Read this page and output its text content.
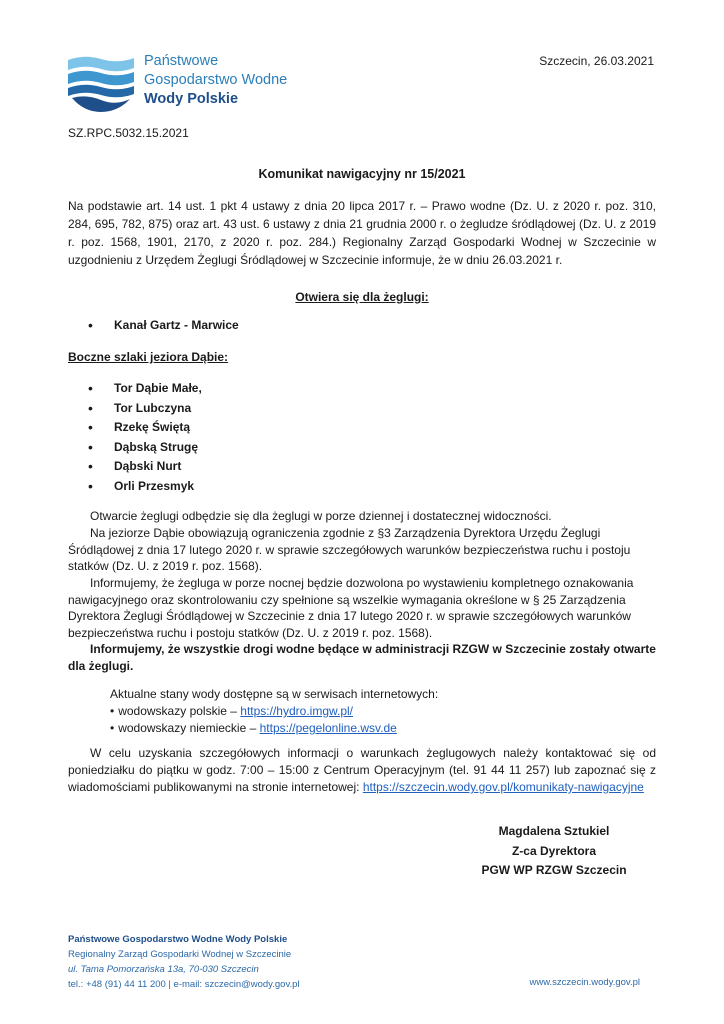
Państwowe
Gospodarstwo Wodne
Wody Polskie
Szczecin, 26.03.2021
SZ.RPC.5032.15.2021
Komunikat nawigacyjny nr 15/2021
Na podstawie art. 14 ust. 1 pkt 4 ustawy z dnia 20 lipca 2017 r. – Prawo wodne (Dz. U. z 2020 r. poz. 310, 284, 695, 782, 875) oraz art. 43 ust. 6 ustawy z dnia 21 grudnia 2000 r. o żegludze śródlądowej (Dz. U. z 2019 r. poz. 1568, 1901, 2170, z 2020 r. poz. 284.) Regionalny Zarząd Gospodarki Wodnej w Szczecinie w uzgodnieniu z Urzędem Żeglugi Śródlądowej w Szczecinie informuje, że w dniu 26.03.2021 r.
Otwiera się dla żeglugi:
• Kanał Gartz - Marwice
Boczne szlaki jeziora Dąbie:
• Tor Dąbie Małe,
• Tor Lubczyna
• Rzekę Świętą
• Dąbską Strugę
• Dąbski Nurt
• Orli Przesmyk
Otwarcie żeglugi odbędzie się dla żeglugi w porze dziennej i dostatecznej widoczności.
Na jeziorze Dąbie obowiązują ograniczenia zgodnie z §3 Zarządzenia Dyrektora Urzędu Żeglugi Śródlądowej z dnia 17 lutego 2020 r. w sprawie szczegółowych warunków bezpieczeństwa ruchu i postoju statków (Dz. U. z 2019 r. poz. 1568).
Informujemy, że żegluga w porze nocnej będzie dozwolona po wystawieniu kompletnego oznakowania nawigacyjnego oraz skontrolowaniu czy spełnione są wszelkie wymagania określone w § 25 Zarządzenia Dyrektora Żeglugi Śródlądowej w Szczecinie z dnia 17 lutego 2020 r. w sprawie szczegółowych warunków bezpieczeństwa ruchu i postoju statków (Dz. U. z 2019 r. poz. 1568).
Informujemy, że wszystkie drogi wodne będące w administracji RZGW w Szczecinie zostały otwarte dla żeglugi.
Aktualne stany wody dostępne są w serwisach internetowych:
• wodowskazy polskie – https://hydro.imgw.pl/
• wodowskazy niemieckie – https://pegelonline.wsv.de
W celu uzyskania szczegółowych informacji o warunkach żeglugowych należy kontaktować się od poniedziałku do piątku w godz. 7:00 – 15:00 z Centrum Operacyjnym (tel. 91 44 11 257) lub zapoznać się z wiadomościami publikowanymi na stronie internetowej: https://szczecin.wody.gov.pl/komunikaty-nawigacyjne
Magdalena Sztukiel
Z-ca Dyrektora
PGW WP RZGW Szczecin
Państwowe Gospodarstwo Wodne Wody Polskie
Regionalny Zarząd Gospodarki Wodnej w Szczecinie
ul. Tama Pomorzańska 13a, 70-030 Szczecin
tel.: +48 (91) 44 11 200 | e-mail: szczecin@wody.gov.pl	www.szczecin.wody.gov.pl
